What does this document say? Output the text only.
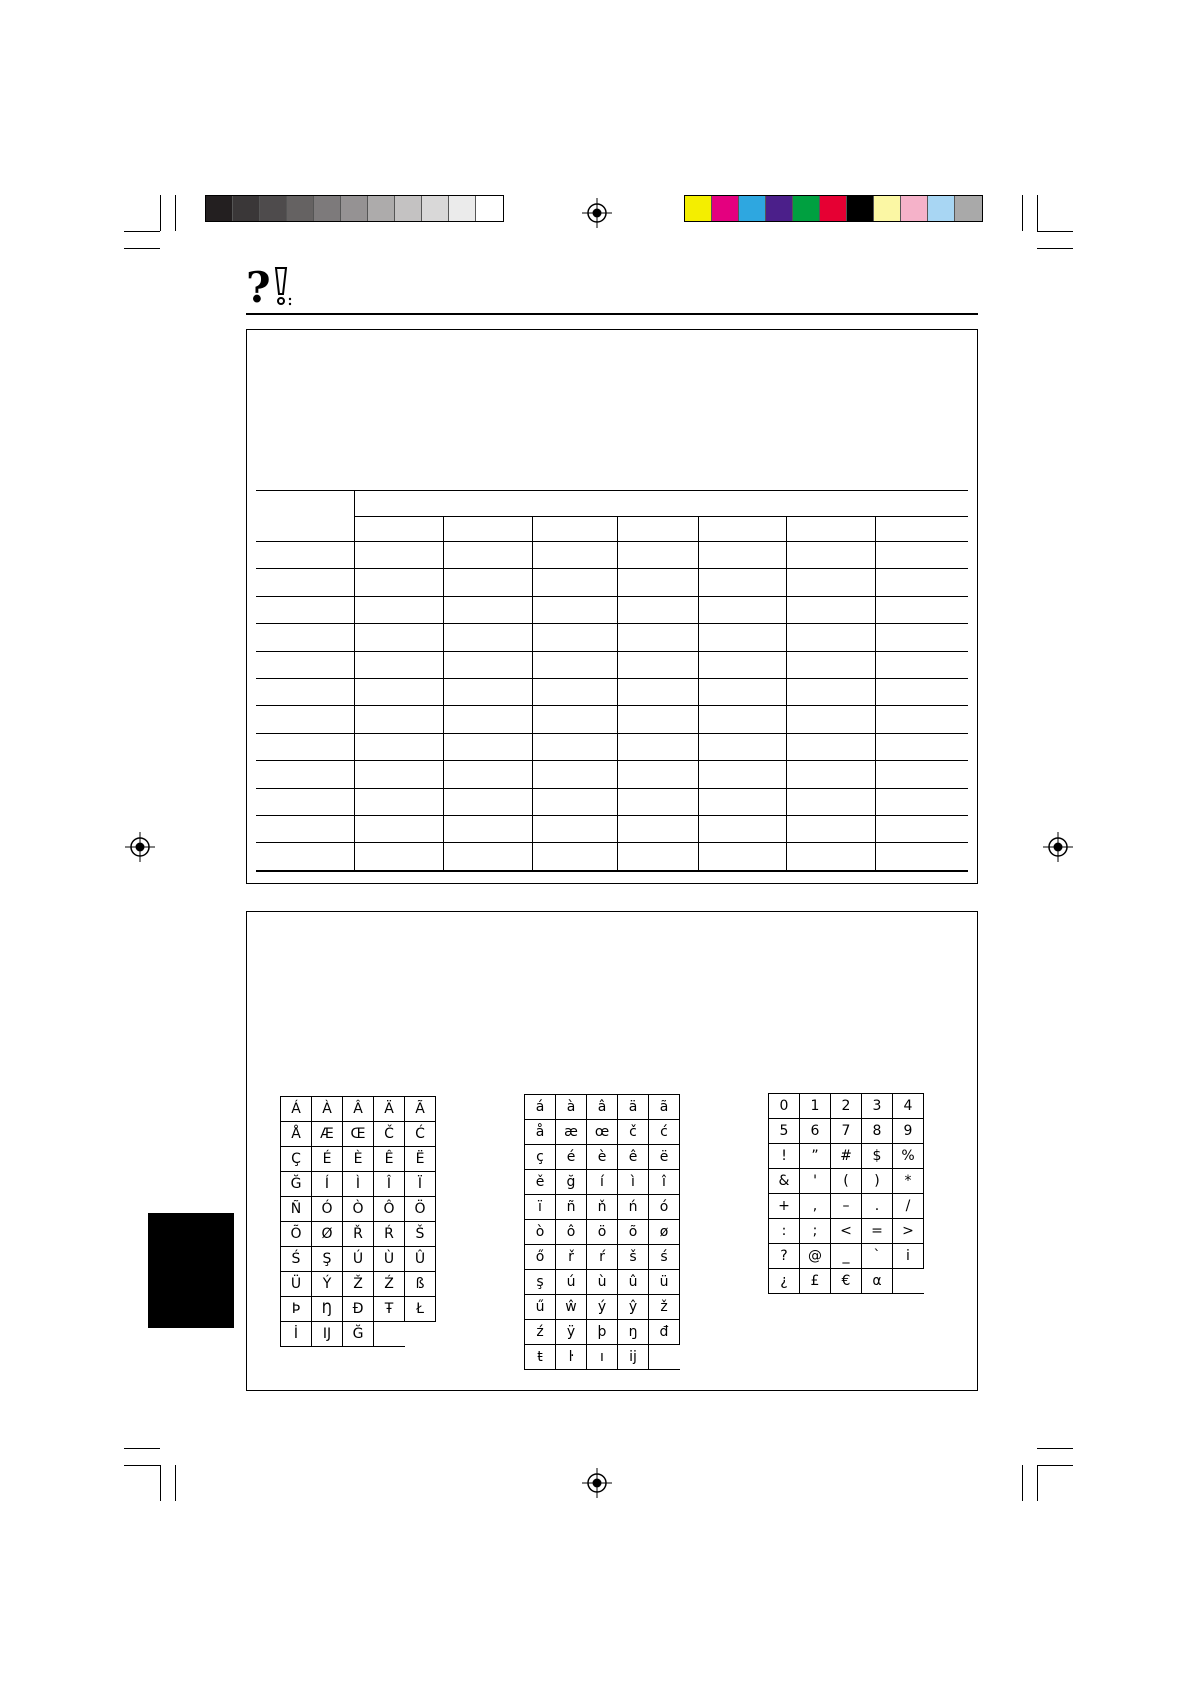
?
Á	À	Â	Ä	Ã
Å	Æ	Œ	Č	Ć
Ç	É	È	Ê	Ë
Ğ	Í	Ì	Î	Ï
Ñ	Ó	Ò	Ô	Ö
Õ	Ø	Ř	Ŕ	Š
Ś	Ş	Ú	Ù	Û
Ü	Ý	Ž	Ź	ß
Þ	Ŋ	Đ	Ŧ	Ł
İ	Ĳ	Ğ		
á	à	â	ä	ã
å	æ	œ	č	ć
ç	é	è	ê	ë
ě	ğ	í	ì	î
ï	ñ	ň	ń	ó
ò	ô	ö	õ	ø
ő	ř	ŕ	š	ś
ş	ú	ù	û	ü
ű	ŵ	ý	ŷ	ž
ź	ÿ	þ	ŋ	đ
ŧ	ŀ	ı	ĳ	
0	1	2	3	4
5	6	7	8	9
!	”	#	$	%
&	'	(	)	*
+	,	–	.	/
:	;	<	=	>
?	@	_	`	i
¿	£	€	α	
